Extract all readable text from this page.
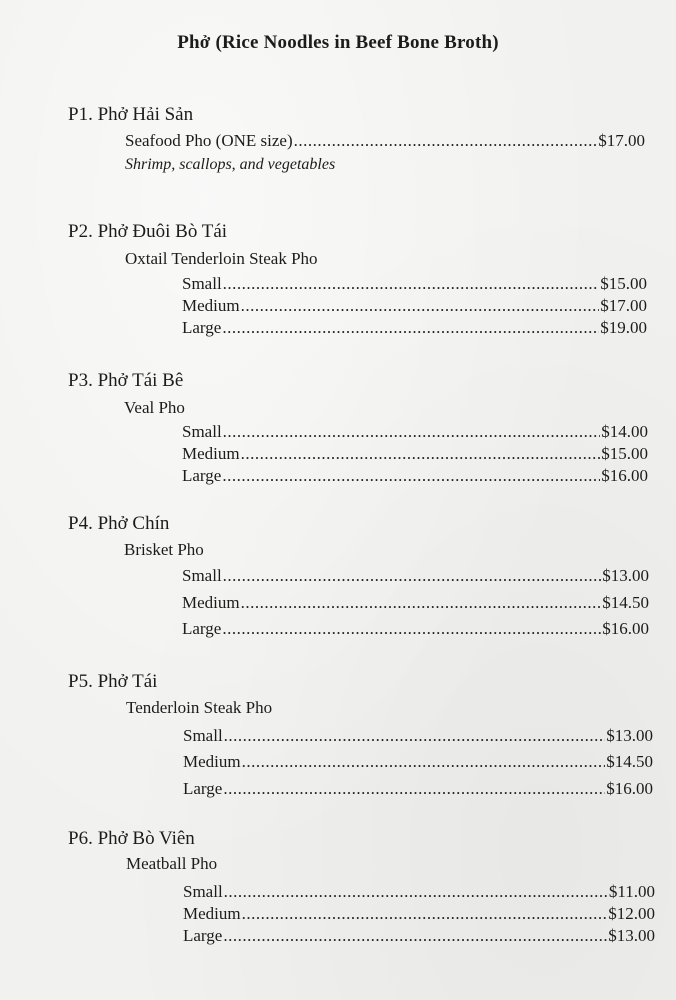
Phở (Rice Noodles in Beef Bone Broth)
P1. Phở Hải Sản
Seafood Pho (ONE size) .....	$17.00
Shrimp, scallops, and vegetables
P2. Phở Đuôi Bò Tái
Oxtail Tenderloin Steak Pho
Small .....	$15.00
Medium .....	$17.00
Large .....	$19.00
P3. Phở Tái Bê
Veal Pho
Small .....	$14.00
Medium .....	$15.00
Large .....	$16.00
P4. Phở Chín
Brisket Pho
Small .....	$13.00
Medium .....	$14.50
Large .....	$16.00
P5. Phở Tái
Tenderloin Steak Pho
Small .....	$13.00
Medium .....	$14.50
Large .....	$16.00
P6. Phở Bò Viên
Meatball Pho
Small .....	$11.00
Medium .....	$12.00
Large .....	$13.00
